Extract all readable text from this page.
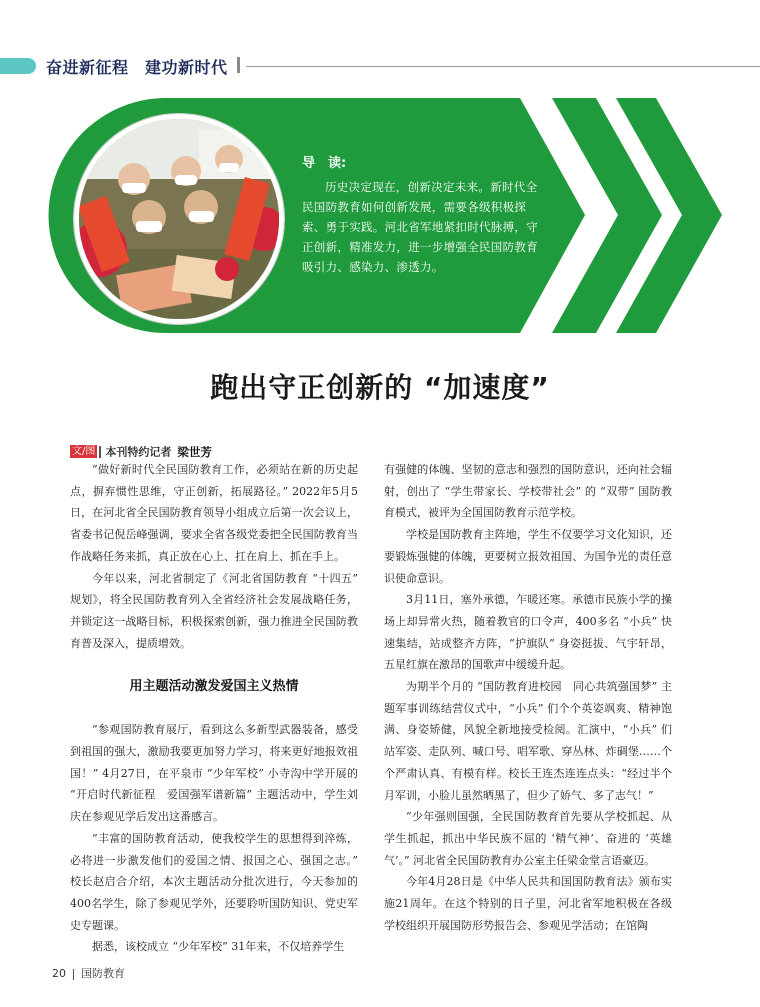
奋进新征程　建功新时代
导　读:

历史决定现在，创新决定未来。新时代全民国防教育如何创新发展，需要各级积极探索、勇于实践。河北省军地紧扣时代脉搏，守正创新，精准发力，进一步增强全民国防教育吸引力、感染力、渗透力。

跑出守正创新的 “加速度”
文/图 本刊特约记者 梁世芳

“做好新时代全民国防教育工作，必须站在新的历史起点，摒弃惯性思维，守正创新，拓展路径。” 2022年5月5日，在河北省全民国防教育领导小组成立后第一次会议上，省委书记倪岳峰强调，要求全省各级党委把全民国防教育当作战略任务来抓，真正放在心上、扛在肩上、抓在手上。

今年以来，河北省制定了《河北省国防教育 “十四五” 规划》，将全民国防教育列入全省经济社会发展战略任务，并锁定这一战略目标，积极探索创新，强力推进全民国防教育普及深入，提质增效。

用主题活动激发爱国主义热情

“参观国防教育展厅，看到这么多新型武器装备，感受到祖国的强大，激励我要更加努力学习，将来更好地报效祖国！” 4月27日，在平泉市 “少年军校” 小寺沟中学开展的 “开启时代新征程　爱国强军谱新篇” 主题活动中，学生刘庆在参观见学后发出这番感言。

“丰富的国防教育活动，使我校学生的思想得到淬炼，必将进一步激发他们的爱国之情、报国之心、强国之志。” 校长赵启合介绍，本次主题活动分批次进行，今天参加的400名学生，除了参观见学外，还要聆听国防知识、党史军史专题课。

据悉，该校成立 “少年军校” 31年来，不仅培养学生

有强健的体魄、坚韧的意志和强烈的国防意识，还向社会辐射，创出了 “学生带家长、学校带社会” 的 “双带” 国防教育模式，被评为全国国防教育示范学校。

学校是国防教育主阵地，学生不仅要学习文化知识，还要锻炼强健的体魄，更要树立报效祖国、为国争光的责任意识使命意识。

3月11日，塞外承德，乍暖还寒。承德市民族小学的操场上却异常火热，随着教官的口令声，400多名 “小兵” 快速集结，站成整齐方阵，“护旗队” 身姿挺拔、气宇轩昂，五星红旗在激昂的国歌声中缓缓升起。

为期半个月的 “国防教育进校园　同心共筑强国梦” 主题军事训练结营仪式中，“小兵” 们个个英姿飒爽、精神饱满、身姿矫健，风貌全新地接受检阅。汇演中，“小兵” 们站军姿、走队列、喊口号、唱军歌、穿丛林、炸碉堡……个个严肃认真、有模有样。校长王连杰连连点头：“经过半个月军训，小脸儿虽然晒黑了，但少了娇气、多了志气！”

“少年强则国强，全民国防教育首先要从学校抓起、从学生抓起，抓出中华民族不屈的 ‘精气神’、奋进的 ‘英雄气’。” 河北省全民国防教育办公室主任梁金堂言语豪迈。

今年4月28日是《中华人民共和国国防教育法》颁布实施21周年。在这个特别的日子里，河北省军地积极在各级学校组织开展国防形势报告会、参观见学活动；在馆陶

20 国防教育
